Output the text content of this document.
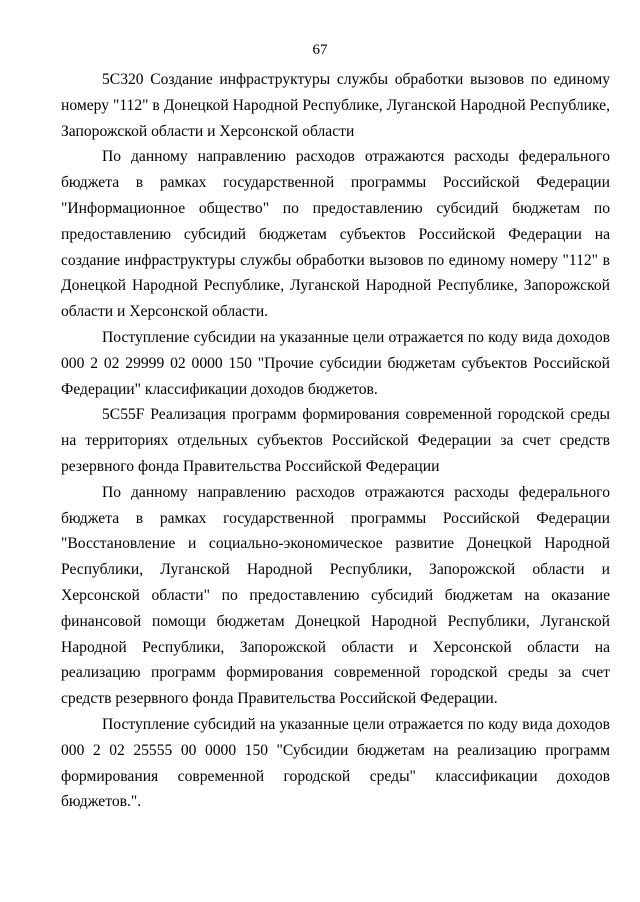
67

5С320 Создание инфраструктуры службы обработки вызовов по единому номеру "112" в Донецкой Народной Республике, Луганской Народной Республике, Запорожской области и Херсонской области

По данному направлению расходов отражаются расходы федерального бюджета в рамках государственной программы Российской Федерации "Информационное общество" по предоставлению субсидий бюджетам по предоставлению субсидий бюджетам субъектов Российской Федерации на создание инфраструктуры службы обработки вызовов по единому номеру "112" в Донецкой Народной Республике, Луганской Народной Республике, Запорожской области и Херсонской области.

Поступление субсидии на указанные цели отражается по коду вида доходов 000 2 02 29999 02 0000 150 "Прочие субсидии бюджетам субъектов Российской Федерации" классификации доходов бюджетов.

5С55F Реализация программ формирования современной городской среды на территориях отдельных субъектов Российской Федерации за счет средств резервного фонда Правительства Российской Федерации

По данному направлению расходов отражаются расходы федерального бюджета в рамках государственной программы Российской Федерации "Восстановление и социально-экономическое развитие Донецкой Народной Республики, Луганской Народной Республики, Запорожской области и Херсонской области" по предоставлению субсидий бюджетам на оказание финансовой помощи бюджетам Донецкой Народной Республики, Луганской Народной Республики, Запорожской области и Херсонской области на реализацию программ формирования современной городской среды за счет средств резервного фонда Правительства Российской Федерации.

Поступление субсидий на указанные цели отражается по коду вида доходов 000 2 02 25555 00 0000 150 "Субсидии бюджетам на реализацию программ формирования современной городской среды" классификации доходов бюджетов.".
